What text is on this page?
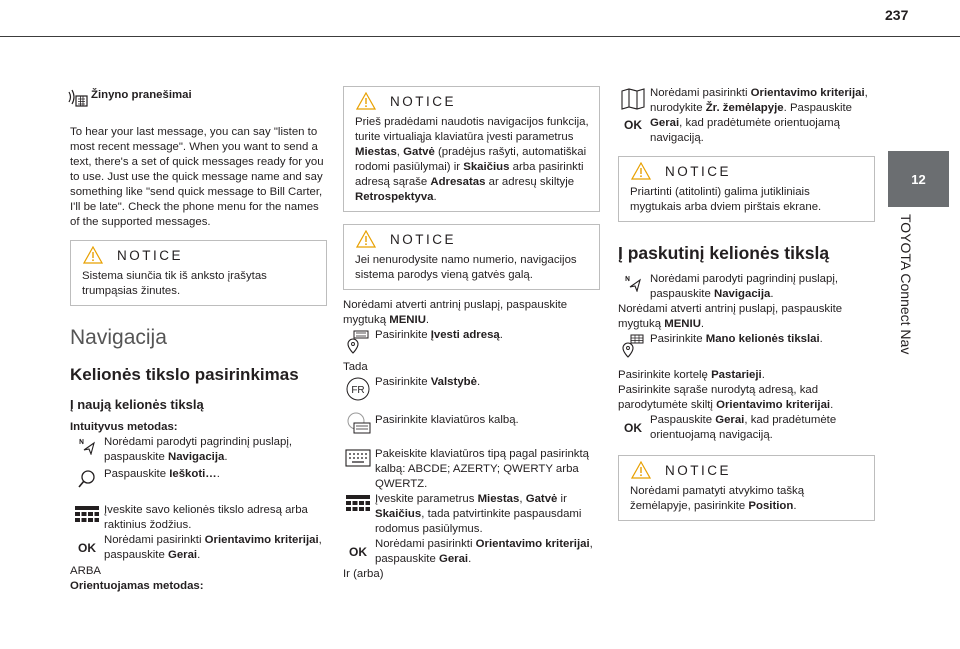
237
12
TOYOTA Connect Nav
Žinyno pranešimai
To hear your last message, you can say "listen to most recent message". When you want to send a text, there's a set of quick messages ready for you to use. Just use the quick message name and say something like "send quick message to Bill Carter, I'll be late". Check the phone menu for the names of the supported messages.
NOTICE
Sistema siunčia tik iš anksto įrašytas trumpąsias žinutes.
Navigacija
Kelionės tikslo pasirinkimas
Į naują kelionės tikslą
Intuityvus metodas:
Norėdami parodyti pagrindinį puslapį, paspauskite Navigacija.
Paspauskite Ieškoti….
Įveskite savo kelionės tikslo adresą arba raktinius žodžius.
OK
Norėdami pasirinkti Orientavimo kriterijai, paspauskite Gerai.
ARBA
Orientuojamas metodas:
NOTICE
Prieš pradėdami naudotis navigacijos funkcija, turite virtualiąja klaviatūra įvesti parametrus Miestas, Gatvė (pradėjus rašyti, automatiškai rodomi pasiūlymai) ir Skaičius arba pasirinkti adresą sąraše Adresatas ar adresų skiltyje Retrospektyva.
NOTICE
Jei nenurodysite namo numerio, navigacijos sistema parodys vieną gatvės galą.
Norėdami atverti antrinį puslapį, paspauskite mygtuką MENIU.
Pasirinkite Įvesti adresą.
Tada
FR
Pasirinkite Valstybė.
Pasirinkite klaviatūros kalbą.
Pakeiskite klaviatūros tipą pagal pasirinktą kalbą: ABCDE; AZERTY; QWERTY arba QWERTZ.
Įveskite parametrus Miestas, Gatvė ir Skaičius, tada patvirtinkite paspausdami rodomus pasiūlymus.
OK
Norėdami pasirinkti Orientavimo kriterijai, paspauskite Gerai.
Ir (arba)
OK
Norėdami pasirinkti Orientavimo kriterijai, nurodykite Žr. žemėlapyje. Paspauskite Gerai, kad pradėtumėte orientuojamą navigaciją.
NOTICE
Priartinti (atitolinti) galima jutikliniais mygtukais arba dviem pirštais ekrane.
Į paskutinį kelionės tikslą
Norėdami parodyti pagrindinį puslapį, paspauskite Navigacija.
Norėdami atverti antrinį puslapį, paspauskite mygtuką MENIU.
Pasirinkite Mano kelionės tikslai.
Pasirinkite kortelę Pastarieji.
Pasirinkite sąraše nurodytą adresą, kad parodytumėte skiltį Orientavimo kriterijai.
OK
Paspauskite Gerai, kad pradėtumėte orientuojamą navigaciją.
NOTICE
Norėdami pamatyti atvykimo tašką žemėlapyje, pasirinkite Position.
